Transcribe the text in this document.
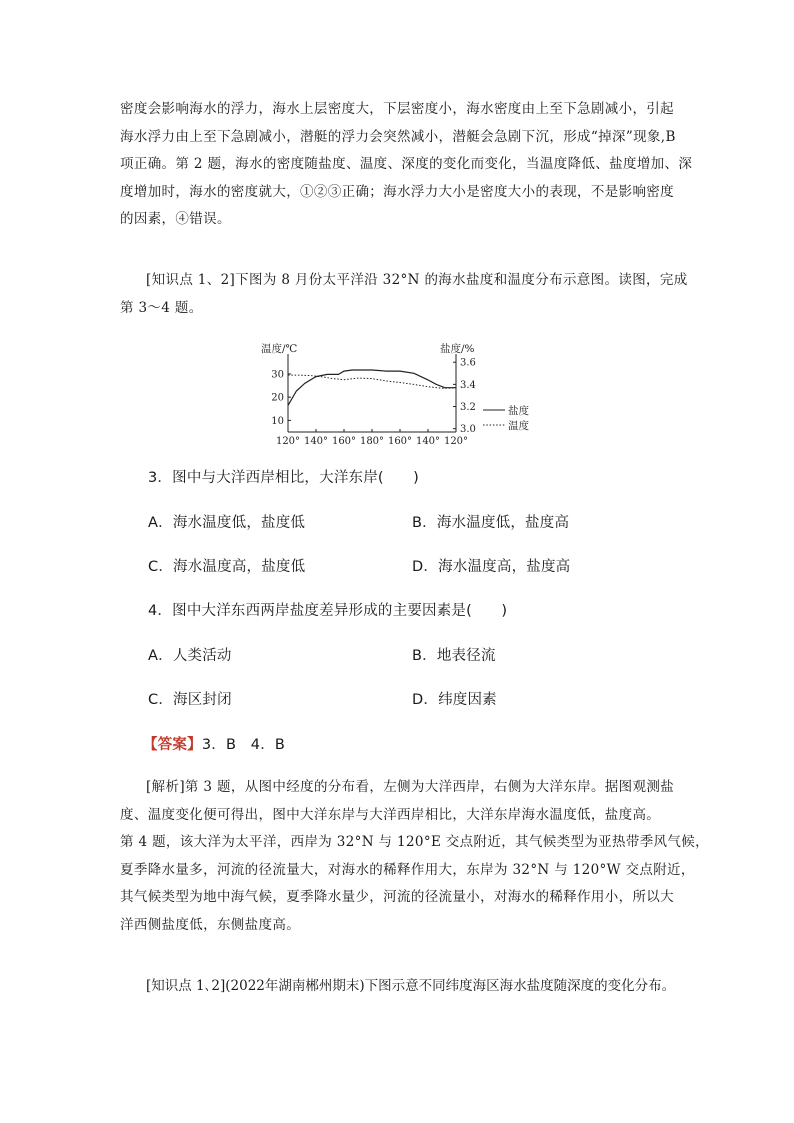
密度会影响海水的浮力，海水上层密度大，下层密度小，海水密度由上至下急剧减小，引起
海水浮力由上至下急剧减小，潜艇的浮力会突然减小，潜艇会急剧下沉，形成“掉深”现象,B
项正确。第 2 题，海水的密度随盐度、温度、深度的变化而变化，当温度降低、盐度增加、深
度增加时，海水的密度就大，①②③正确；海水浮力大小是密度大小的表现，不是影响密度
的因素，④错误。
[知识点 1、2]下图为 8 月份太平洋沿 32°N 的海水盐度和温度分布示意图。读图，完成
第 3～4 题。
温度/℃	盐度/%
30
20
10
3.6
3.4
3.2
3.0
120° 140° 160° 180° 160° 140° 120°
盐度
温度

3．图中与大洋西岸相比，大洋东岸(　　)

A．海水温度低，盐度低	B．海水温度低，盐度高

C．海水温度高，盐度低	D．海水温度高，盐度高

4．图中大洋东西两岸盐度差异形成的主要因素是(　　)

A．人类活动	B．地表径流

C．海区封闭	D．纬度因素

【答案】3．B　4．B

[解析]第 3 题，从图中经度的分布看，左侧为大洋西岸，右侧为大洋东岸。据图观测盐
度、温度变化便可得出，图中大洋东岸与大洋西岸相比，大洋东岸海水温度低，盐度高。
第 4 题，该大洋为太平洋，西岸为 32°N 与 120°E 交点附近，其气候类型为亚热带季风气候，
夏季降水量多，河流的径流量大，对海水的稀释作用大，东岸为 32°N 与 120°W 交点附近，
其气候类型为地中海气候，夏季降水量少，河流的径流量小，对海水的稀释作用小，所以大
洋西侧盐度低，东侧盐度高。
[知识点 1､2](2022年湖南郴州期末)下图示意不同纬度海区海水盐度随深度的变化分布。
